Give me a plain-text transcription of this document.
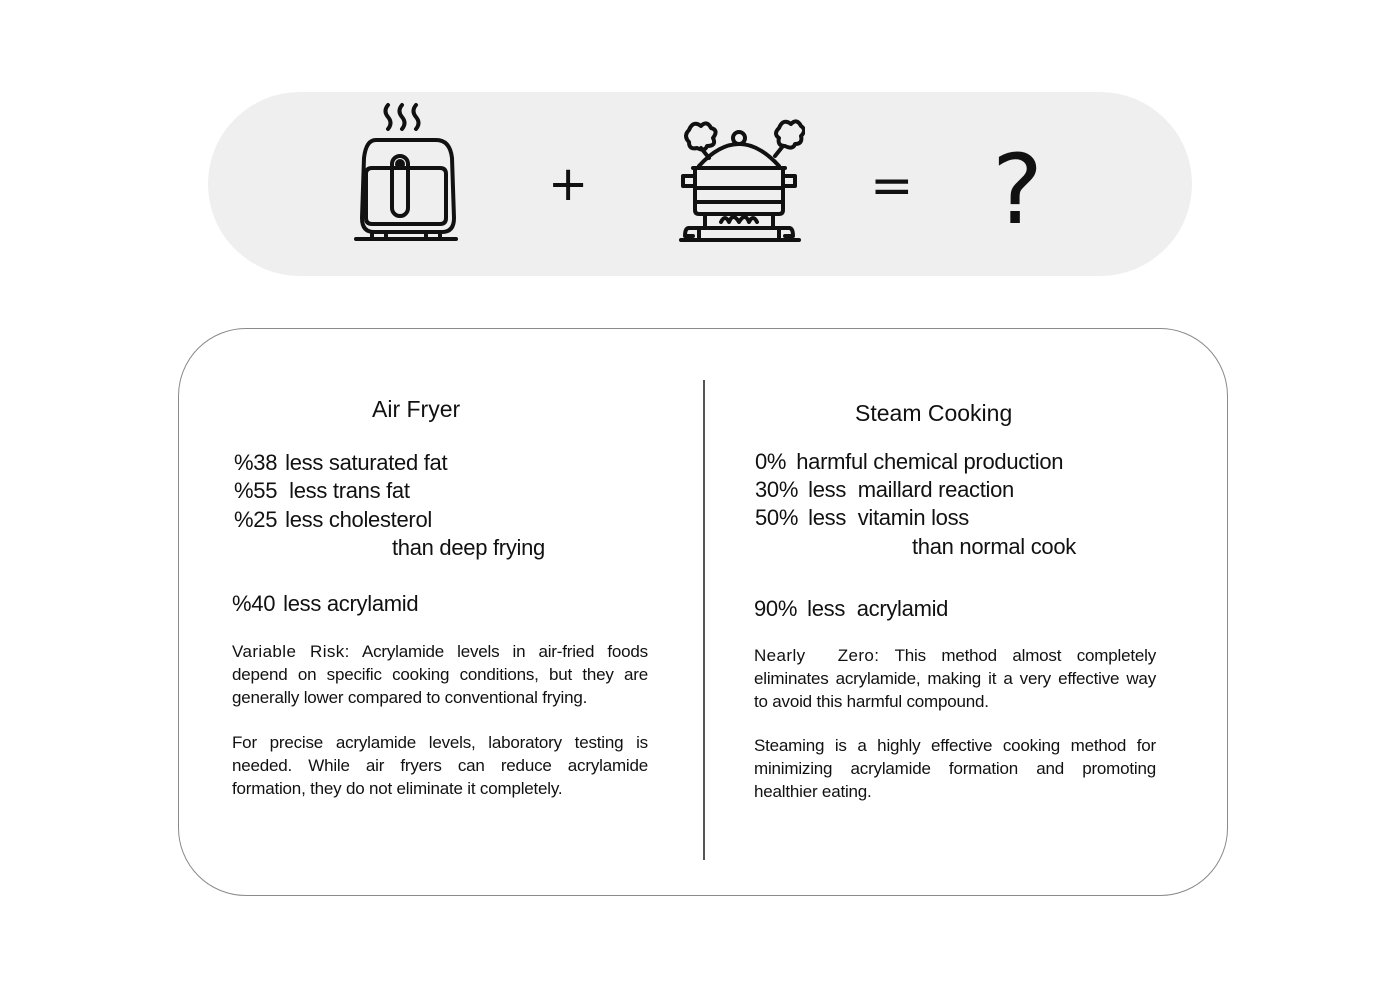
+	= ?
Air Fryer
%38 less saturated fat
%55 less trans fat
%25 less cholesterol
than deep frying
%40 less acrylamid
Variable Risk: Acrylamide levels in air-fried foods depend on specific cooking conditions, but they are generally lower compared to conventional frying.
For precise acrylamide levels, laboratory testing is needed. While air fryers can reduce acrylamide formation, they do not eliminate it completely.
Steam Cooking
0% harmful chemical production
30% less  maillard reaction
50% less  vitamin loss
than normal cook
90% less  acrylamid
Nearly  Zero: This method almost completely eliminates acrylamide, making it a very effective way to avoid this harmful compound.
Steaming is a highly effective cooking method for minimizing acrylamide formation and promoting healthier eating.
